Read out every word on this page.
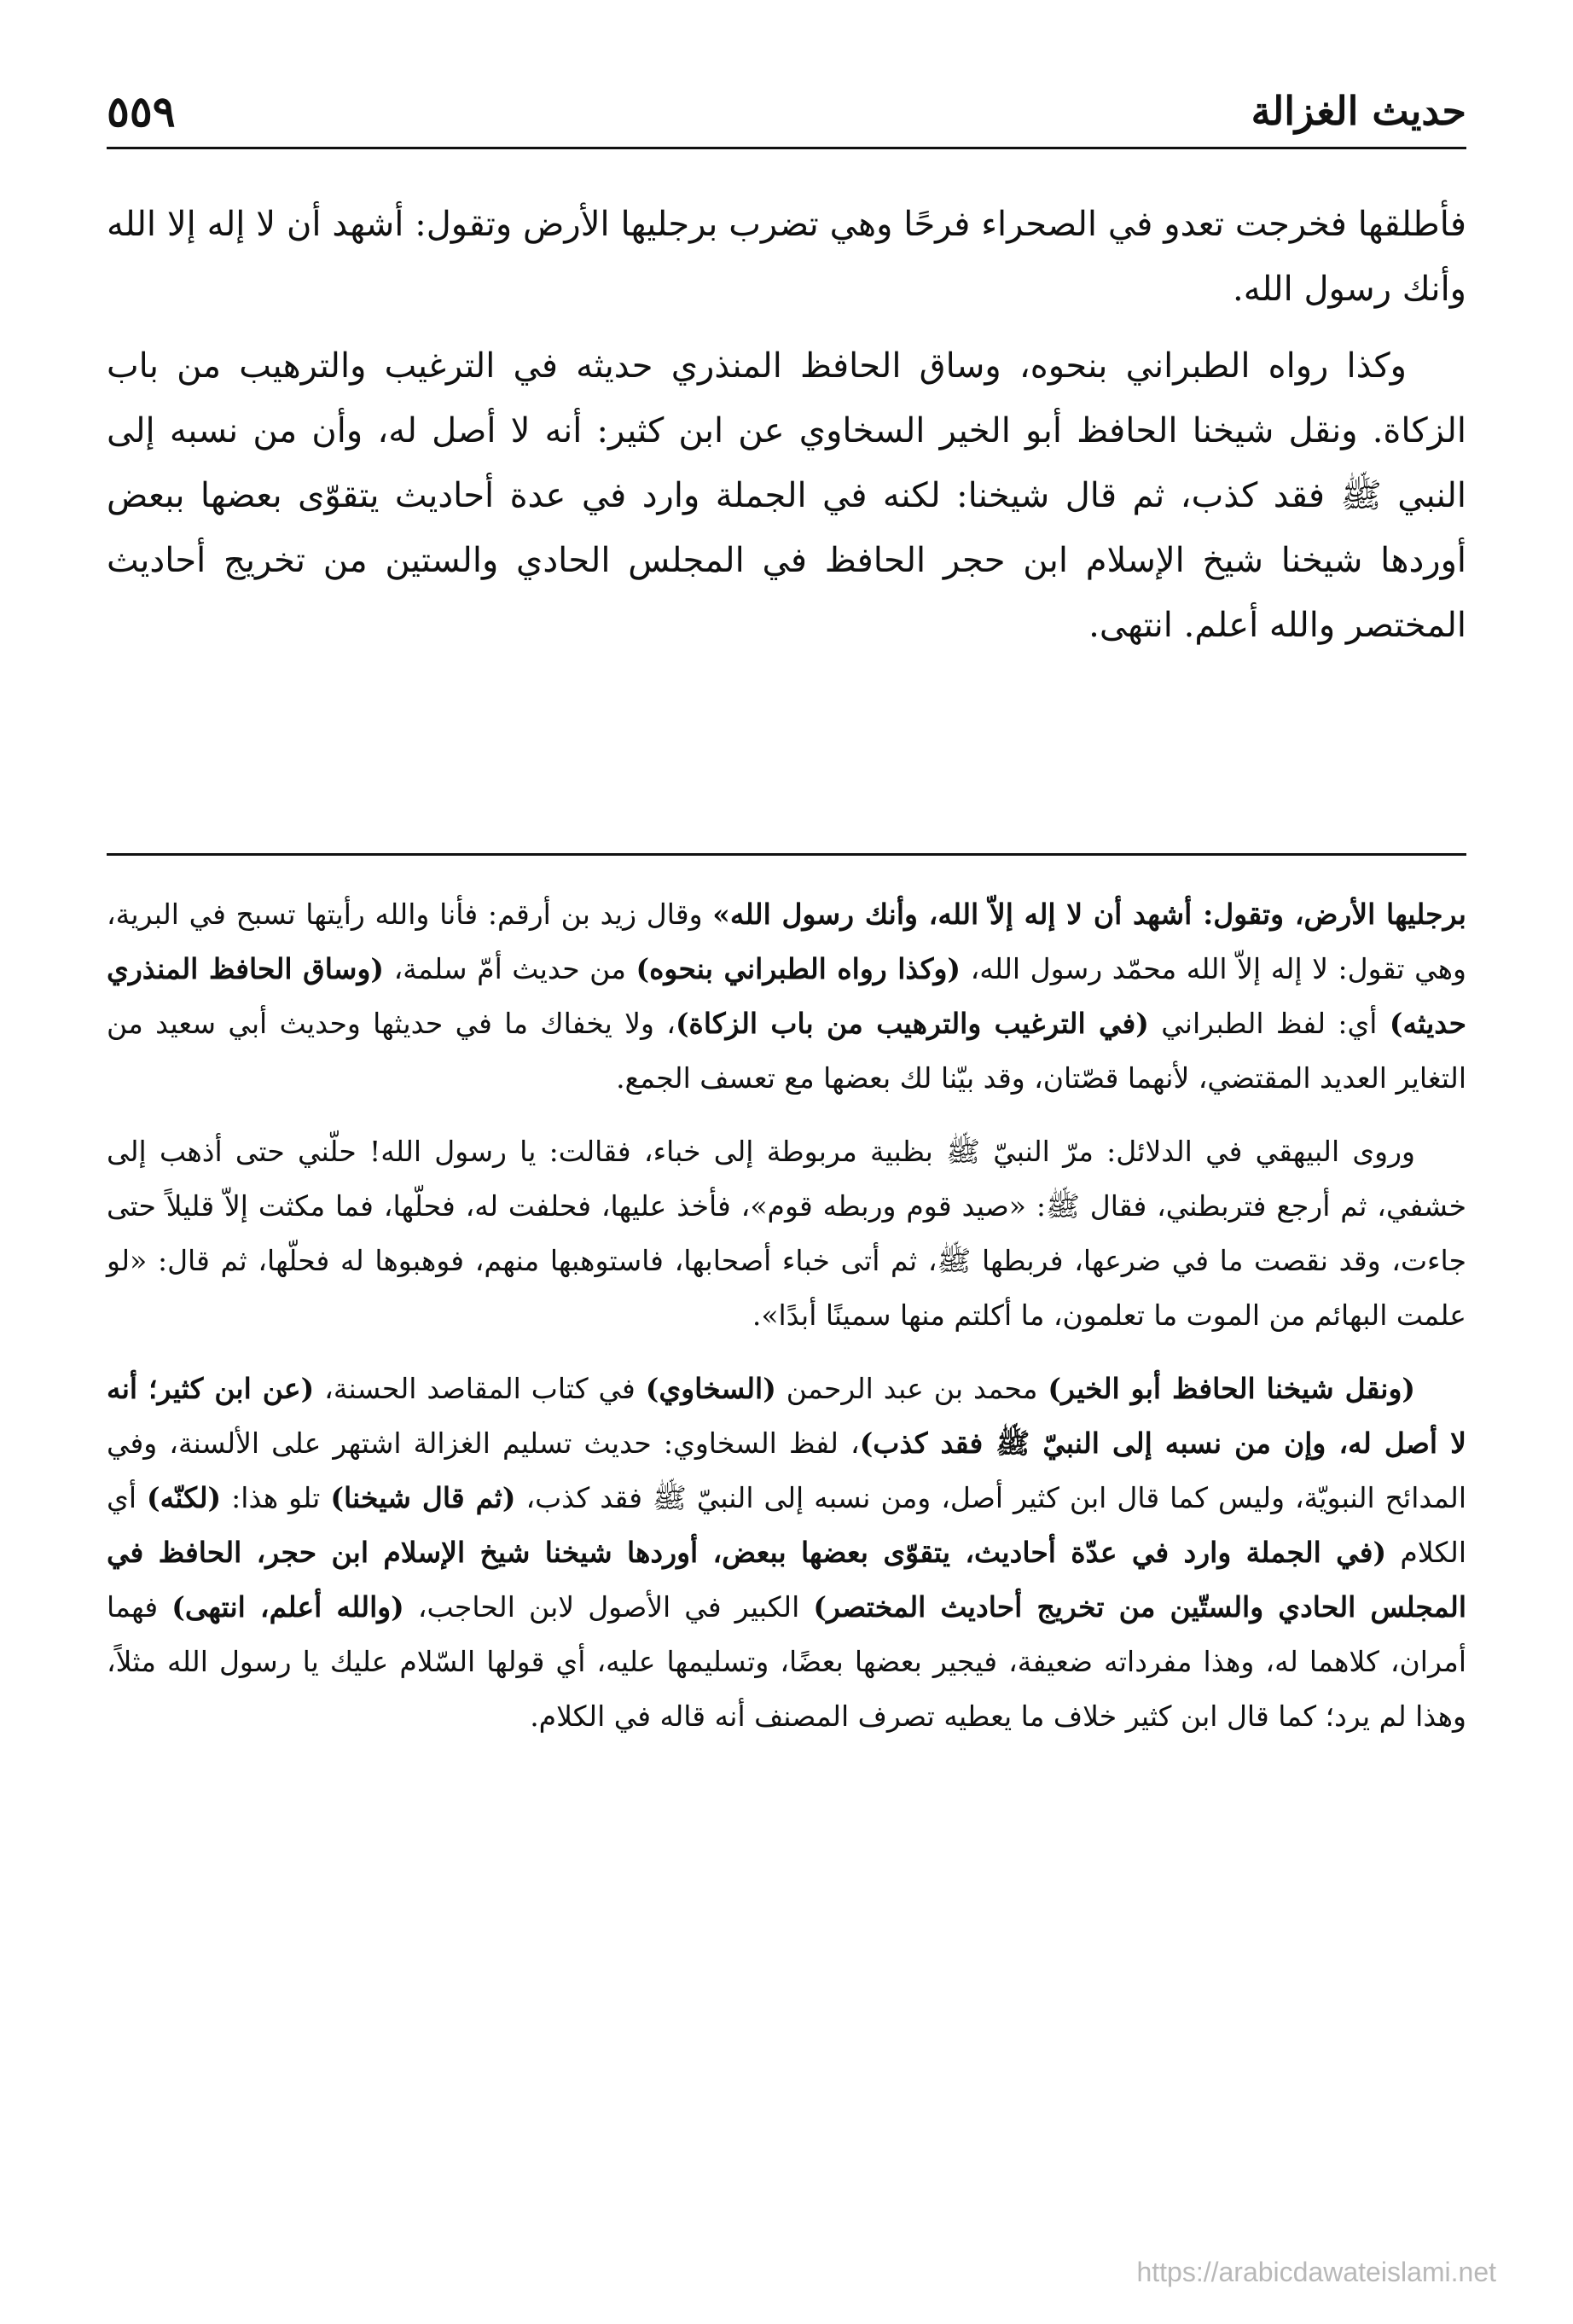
حديث الغزالة
٥٥٩

فأطلقها فخرجت تعدو في الصحراء فرحًا وهي تضرب برجليها الأرض وتقول: أشهد أن لا إله إلا الله وأنك رسول الله.

وكذا رواه الطبراني بنحوه، وساق الحافظ المنذري حديثه في الترغيب والترهيب من باب الزكاة. ونقل شيخنا الحافظ أبو الخير السخاوي عن ابن كثير: أنه لا أصل له، وأن من نسبه إلى النبي ﷺ فقد كذب، ثم قال شيخنا: لكنه في الجملة وارد في عدة أحاديث يتقوّى بعضها ببعض أوردها شيخنا شيخ الإسلام ابن حجر الحافظ في المجلس الحادي والستين من تخريج أحاديث المختصر والله أعلم. انتهى.

برجليها الأرض، وتقول: أشهد أن لا إله إلاّ الله، وأنك رسول الله» وقال زيد بن أرقم: فأنا والله رأيتها تسبح في البرية، وهي تقول: لا إله إلاّ الله محمّد رسول الله، (وكذا رواه الطبراني بنحوه) من حديث أمّ سلمة، (وساق الحافظ المنذري حديثه) أي: لفظ الطبراني (في الترغيب والترهيب من باب الزكاة)، ولا يخفاك ما في حديثها وحديث أبي سعيد من التغاير العديد المقتضي، لأنهما قصّتان، وقد بيّنا لك بعضها مع تعسف الجمع.

وروى البيهقي في الدلائل: مرّ النبيّ ﷺ بظبية مربوطة إلى خباء، فقالت: يا رسول الله! حلّني حتى أذهب إلى خشفي، ثم أرجع فتربطني، فقال ﷺ: «صيد قوم وربطه قوم»، فأخذ عليها، فحلفت له، فحلّها، فما مكثت إلاّ قليلاً حتى جاءت، وقد نقصت ما في ضرعها، فربطها ﷺ، ثم أتى خباء أصحابها، فاستوهبها منهم، فوهبوها له فحلّها، ثم قال: «لو علمت البهائم من الموت ما تعلمون، ما أكلتم منها سمينًا أبدًا».

(ونقل شيخنا الحافظ أبو الخير) محمد بن عبد الرحمن (السخاوي) في كتاب المقاصد الحسنة، (عن ابن كثير؛ أنه لا أصل له، وإن من نسبه إلى النبيّ ﷺ فقد كذب)، لفظ السخاوي: حديث تسليم الغزالة اشتهر على الألسنة، وفي المدائح النبويّة، وليس كما قال ابن كثير أصل، ومن نسبه إلى النبيّ ﷺ فقد كذب، (ثم قال شيخنا) تلو هذا: (لكنّه) أي الكلام (في الجملة وارد في عدّة أحاديث، يتقوّى بعضها ببعض، أوردها شيخنا شيخ الإسلام ابن حجر، الحافظ في المجلس الحادي والستّين من تخريج أحاديث المختصر) الكبير في الأصول لابن الحاجب، (والله أعلم، انتهى) فهما أمران، كلاهما له، وهذا مفرداته ضعيفة، فيجير بعضها بعضًا، وتسليمها عليه، أي قولها السّلام عليك يا رسول الله مثلاً، وهذا لم يرد؛ كما قال ابن كثير خلاف ما يعطيه تصرف المصنف أنه قاله في الكلام.

https://arabicdawateislami.net
